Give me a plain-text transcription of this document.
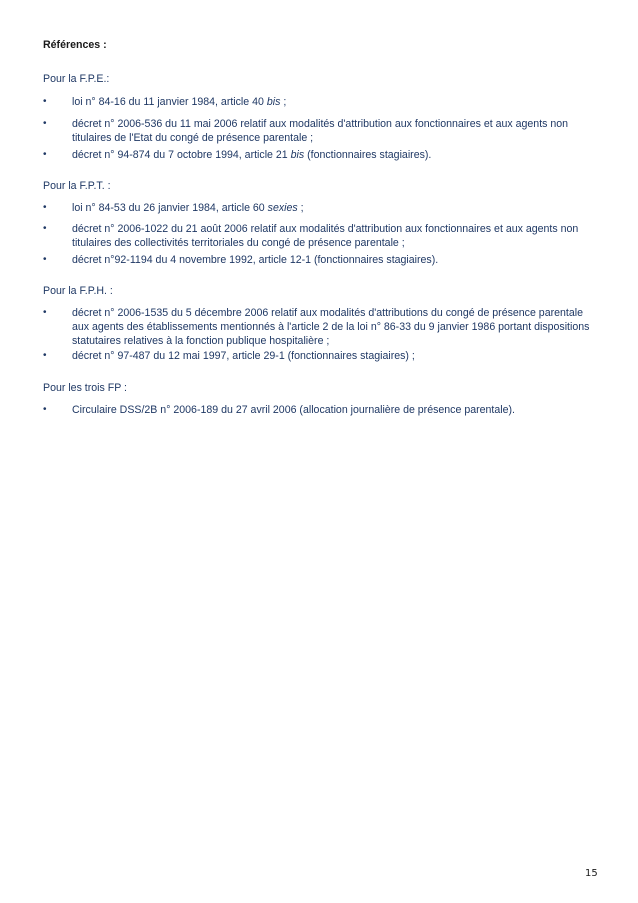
Références :
Pour la F.P.E.:
•	loi n° 84-16 du 11 janvier 1984, article 40 bis ;
•	décret n° 2006-536 du 11 mai 2006 relatif aux modalités d'attribution aux fonctionnaires et aux agents non
titulaires de l'Etat du congé de présence parentale ;
•	décret n° 94-874 du 7 octobre 1994, article 21 bis (fonctionnaires stagiaires).
Pour la F.P.T. :
•	loi n° 84-53 du 26 janvier 1984, article 60 sexies ;
•	décret n° 2006-1022 du 21 août 2006 relatif aux modalités d'attribution aux fonctionnaires et aux agents non
titulaires des collectivités territoriales du congé de présence parentale ;
•	décret n°92-1194 du 4 novembre 1992, article 12-1 (fonctionnaires stagiaires).
Pour la F.P.H. :
•	décret n° 2006-1535 du 5 décembre 2006 relatif aux modalités d'attributions du congé de présence parentale
aux agents des établissements mentionnés à l'article 2 de la loi n° 86-33 du 9 janvier 1986 portant dispositions
statutaires relatives à la fonction publique hospitalière ;
•	décret n° 97-487 du 12 mai 1997, article 29-1 (fonctionnaires stagiaires) ;
Pour les trois FP :
•	Circulaire DSS/2B n° 2006-189 du 27 avril 2006 (allocation journalière de présence parentale).
15
